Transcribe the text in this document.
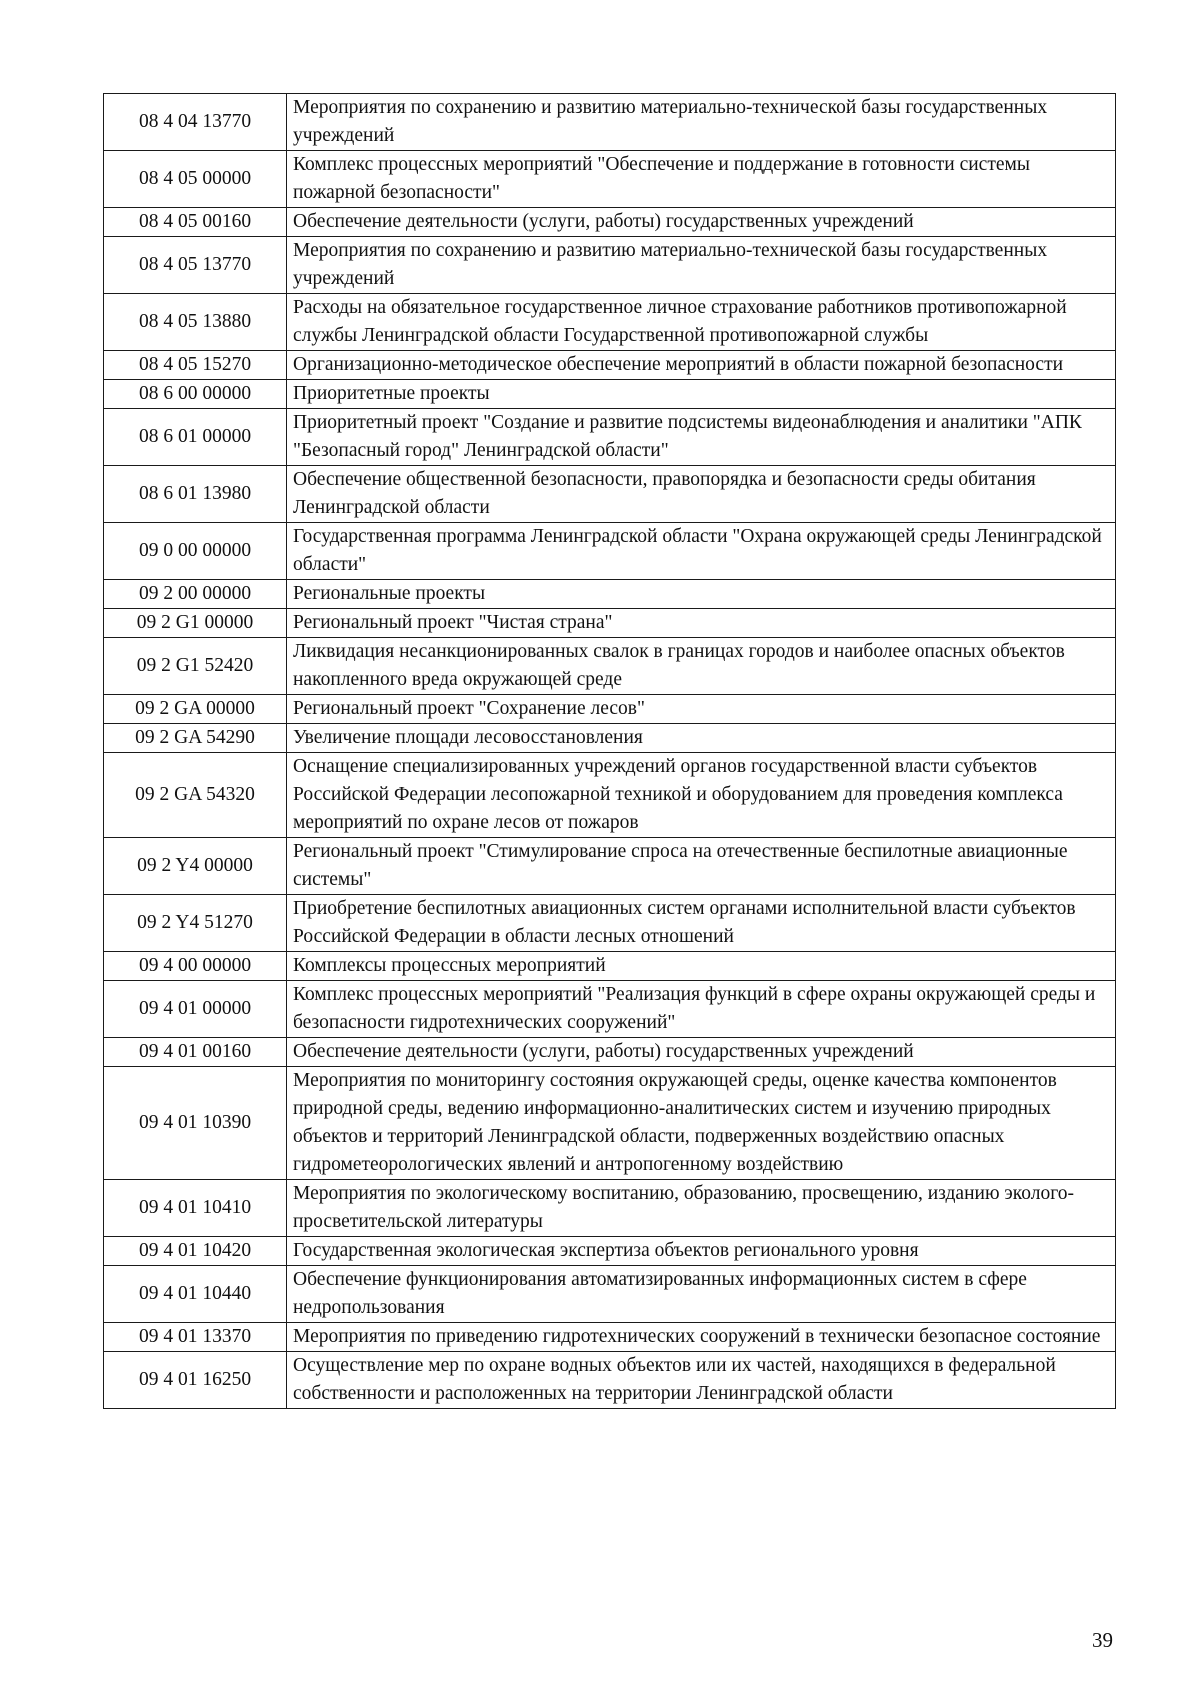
08 4 04 13770	Мероприятия по сохранению и развитию материально-технической базы государственных учреждений
08 4 05 00000	Комплекс процессных мероприятий "Обеспечение и поддержание в готовности системы пожарной безопасности"
08 4 05 00160	Обеспечение деятельности (услуги, работы) государственных учреждений
08 4 05 13770	Мероприятия по сохранению и развитию материально-технической базы государственных учреждений
08 4 05 13880	Расходы на обязательное государственное личное страхование работников противопожарной службы Ленинградской области Государственной противопожарной службы
08 4 05 15270	Организационно-методическое обеспечение мероприятий в области пожарной безопасности
08 6 00 00000	Приоритетные проекты
08 6 01 00000	Приоритетный проект "Создание и развитие подсистемы видеонаблюдения и аналитики "АПК "Безопасный город" Ленинградской области"
08 6 01 13980	Обеспечение общественной безопасности, правопорядка и безопасности среды обитания Ленинградской области
09 0 00 00000	Государственная программа Ленинградской области "Охрана окружающей среды Ленинградской области"
09 2 00 00000	Региональные проекты
09 2 G1 00000	Региональный проект "Чистая страна"
09 2 G1 52420	Ликвидация несанкционированных свалок в границах городов и наиболее опасных объектов накопленного вреда окружающей среде
09 2 GA 00000	Региональный проект "Сохранение лесов"
09 2 GA 54290	Увеличение площади лесовосстановления
09 2 GA 54320	Оснащение специализированных учреждений органов государственной власти субъектов Российской Федерации лесопожарной техникой и оборудованием для проведения комплекса мероприятий по охране лесов от пожаров
09 2 Y4 00000	Региональный проект "Стимулирование спроса на отечественные беспилотные авиационные системы"
09 2 Y4 51270	Приобретение беспилотных авиационных систем органами исполнительной власти субъектов Российской Федерации в области лесных отношений
09 4 00 00000	Комплексы процессных мероприятий
09 4 01 00000	Комплекс процессных мероприятий "Реализация функций в сфере охраны окружающей среды и безопасности гидротехнических сооружений"
09 4 01 00160	Обеспечение деятельности (услуги, работы) государственных учреждений
09 4 01 10390	Мероприятия по мониторингу состояния окружающей среды, оценке качества компонентов природной среды, ведению информационно-аналитических систем и изучению природных объектов и территорий Ленинградской области, подверженных воздействию опасных гидрометеорологических явлений и антропогенному воздействию
09 4 01 10410	Мероприятия по экологическому воспитанию, образованию, просвещению, изданию эколого-просветительской литературы
09 4 01 10420	Государственная экологическая экспертиза объектов регионального уровня
09 4 01 10440	Обеспечение функционирования автоматизированных информационных систем в сфере недропользования
09 4 01 13370	Мероприятия по приведению гидротехнических сооружений в технически безопасное состояние
09 4 01 16250	Осуществление мер по охране водных объектов или их частей, находящихся в федеральной собственности и расположенных на территории Ленинградской области
39
